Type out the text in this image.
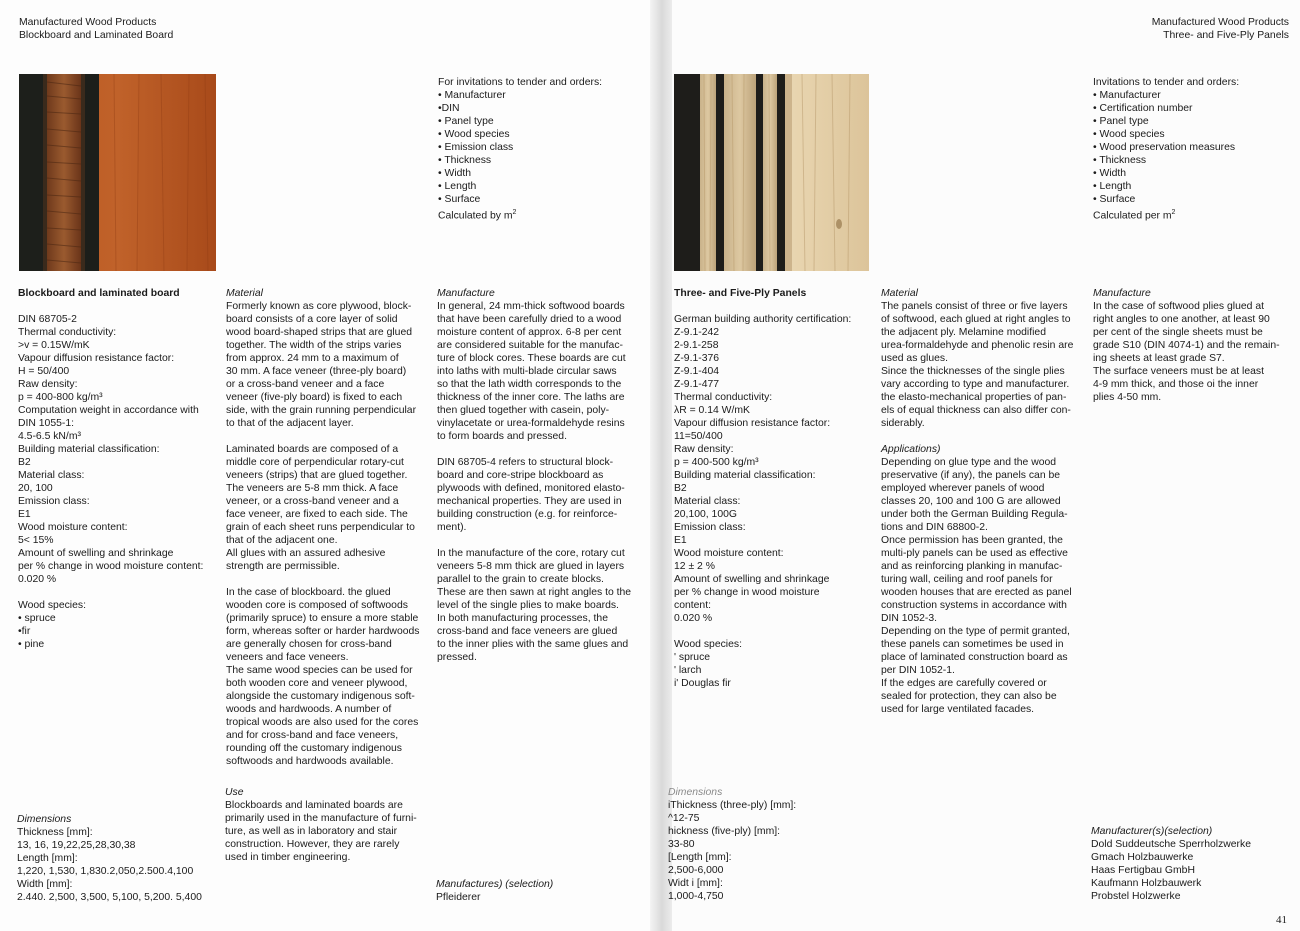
Manufactured Wood Products
Blockboard and Laminated Board
For invitations to tender and orders:
• Manufacturer
•DIN
• Panel type
• Wood species
• Emission class
• Thickness
• Width
• Length
• Surface
Calculated by $m^2$
Blockboard and laminated board
DIN 68705-2
Thermal conductivity:
>v = 0.15W/mK
Vapour diffusion resistance factor:
H = 50/400
Raw density:
p = 400-800 kg/m³
Computation weight in accordance with
DIN 1055-1:
4.5-6.5 kN/m³
Building material classification:
B2
Material class:
20, 100
Emission class:
E1
Wood moisture content:
5< 15%
Amount of swelling and shrinkage
per % change in wood moisture content:
0.020 %
Wood species:
• spruce
•fir
• pine
Dimensions
Thickness [mm]:
13, 16, 19,22,25,28,30,38
Length [mm]:
1,220, 1,530, 1,830.2,050,2.500.4,100
Width [mm]:
2.440. 2,500, 3,500, 5,100, 5,200. 5,400
Material
Formerly known as core plywood, block-
board consists of a core layer of solid
wood board-shaped strips that are glued
together. The width of the strips varies
from approx. 24 mm to a maximum of
30 mm. A face veneer (three-ply board)
or a cross-band veneer and a face
veneer (five-ply board) is fixed to each
side, with the grain running perpendicular
to that of the adjacent layer.
Laminated boards are composed of a
middle core of perpendicular rotary-cut
veneers (strips) that are glued together.
The veneers are 5-8 mm thick. A face
veneer, or a cross-band veneer and a
face veneer, are fixed to each side. The
grain of each sheet runs perpendicular to
that of the adjacent one.
All glues with an assured adhesive
strength are permissible.
In the case of blockboard. the glued
wooden core is composed of softwoods
(primarily spruce) to ensure a more stable
form, whereas softer or harder hardwoods
are generally chosen for cross-band
veneers and face veneers.
The same wood species can be used for
both wooden core and veneer plywood,
alongside the customary indigenous soft-
woods and hardwoods. A number of
tropical woods are also used for the cores
and for cross-band and face veneers,
rounding off the customary indigenous
softwoods and hardwoods available.
Use
Blockboards and laminated boards are
primarily used in the manufacture of furni-
ture, as well as in laboratory and stair
construction. However, they are rarely
used in timber engineering.
Manufacture
In general, 24 mm-thick softwood boards
that have been carefully dried to a wood
moisture content of approx. 6-8 per cent
are considered suitable for the manufac-
ture of block cores. These boards are cut
into laths with multi-blade circular saws
so that the lath width corresponds to the
thickness of the inner core. The laths are
then glued together with casein, poly-
vinylacetate or urea-formaldehyde resins
to form boards and pressed.
DIN 68705-4 refers to structural block-
board and core-stripe blockboard as
plywoods with defined, monitored elasto-
mechanical properties. They are used in
building construction (e.g. for reinforce-
ment).
In the manufacture of the core, rotary cut
veneers 5-8 mm thick are glued in layers
parallel to the grain to create blocks.
These are then sawn at right angles to the
level of the single plies to make boards.
In both manufacturing processes, the
cross-band and face veneers are glued
to the inner plies with the same glues and
pressed.
Manufactures) (selection)
Pfleiderer
Manufactured Wood Products
Three- and Five-Ply Panels
Invitations to tender and orders:
• Manufacturer
• Certification number
• Panel type
• Wood species
• Wood preservation measures
• Thickness
• Width
• Length
• Surface
Calculated per $m^2$
Three- and Five-Ply Panels
German building authority certification:
Z-9.1-242
2-9.1-258
Z-9.1-376
Z-9.1-404
Z-9.1-477
Thermal conductivity:
λR = 0.14 W/mK
Vapour diffusion resistance factor:
11=50/400
Raw density:
p = 400-500 kg/m³
Building material classification:
B2
Material class:
20,100, 100G
Emission class:
E1
Wood moisture content:
12 ± 2 %
Amount of swelling and shrinkage
per % change in wood moisture
content:
0.020 %
Wood species:
' spruce
' larch
i' Douglas fir
Dimensions
iThickness (three-ply) [mm]:
^12-75
hickness (five-ply) [mm]:
33-80
[Length [mm]:
2,500-6,000
Widt i [mm]:
1,000-4,750
Material
The panels consist of three or five layers
of softwood, each glued at right angles to
the adjacent ply. Melamine modified
urea-formaldehyde and phenolic resin are
used as glues.
Since the thicknesses of the single plies
vary according to type and manufacturer.
the elasto-mechanical properties of pan-
els of equal thickness can also differ con-
siderably.
Applications)
Depending on glue type and the wood
preservative (if any), the panels can be
employed wherever panels of wood
classes 20, 100 and 100 G are allowed
under both the German Building Regula-
tions and DIN 68800-2.
Once permission has been granted, the
multi-ply panels can be used as effective
and as reinforcing planking in manufac-
turing wall, ceiling and roof panels for
wooden houses that are erected as panel
construction systems in accordance with
DIN 1052-3.
Depending on the type of permit granted,
these panels can sometimes be used in
place of laminated construction board as
per DIN 1052-1.
If the edges are carefully covered or
sealed for protection, they can also be
used for large ventilated facades.
Manufacture
In the case of softwood plies glued at
right angles to one another, at least 90
per cent of the single sheets must be
grade S10 (DIN 4074-1) and the remain-
ing sheets at least grade S7.
The surface veneers must be at least
4-9 mm thick, and those oi the inner
plies 4-50 mm.
Manufacturer(s)(selection)
Dold Suddeutsche Sperrholzwerke
Gmach Holzbauwerke
Haas Fertigbau GmbH
Kaufmann Holzbauwerk
Probstel Holzwerke
41
